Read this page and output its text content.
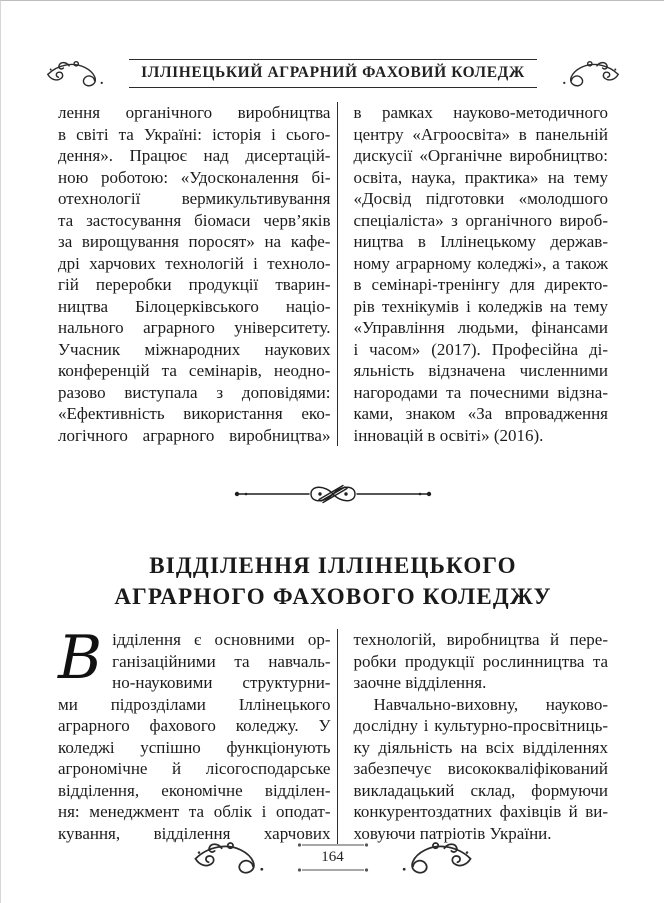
ІЛЛІНЕЦЬКИЙ АГРАРНИЙ ФАХОВИЙ КОЛЕДЖ
лення органічного виробництва
в світі та Україні: історія і сього-
дення». Працює над дисертацій-
ною роботою: «Удосконалення бі-
отехнології вермикультивування
та застосування біомаси черв’яків
за вирощування поросят» на кафе-
дрі харчових технологій і техноло-
гій переробки продукції тварин-
ництва Білоцерківського націо-
нального аграрного університету.
Учасник міжнародних наукових
конференцій та семінарів, неодно-
разово виступала з доповідями:
«Ефективність використання еко-
логічного аграрного виробництва»
в рамках науково-методичного
центру «Агроосвіта» в панельній
дискусії «Органічне виробництво:
освіта, наука, практика» на тему
«Досвід підготовки «молодшого
спеціаліста» з органічного вироб-
ництва в Іллінецькому держав-
ному аграрному коледжі», а також
в семінарі-тренінгу для директо-
рів технікумів і коледжів на тему
«Управління людьми, фінансами
і часом» (2017). Професійна ді-
яльність відзначена численними
нагородами та почесними відзна-
ками, знаком «За впровадження
інновацій в освіті» (2016).
ВІДДІЛЕННЯ ІЛЛІНЕЦЬКОГО
АГРАРНОГО ФАХОВОГО КОЛЕДЖУ
В ідділення є основними ор-
ганізаційними та навчаль-
но-науковими структурни-
ми підрозділами Іллінецького
аграрного фахового коледжу. У
коледжі успішно функціонують
агрономічне й лісогосподарське
відділення, економічне відділен-
ня: менеджмент та облік і оподат-
кування, відділення харчових
технологій, виробництва й пере-
робки продукції рослинництва та
заочне відділення.
Навчально-виховну, науково-
дослідну і культурно-просвітниць-
ку діяльність на всіх відділеннях
забезпечує висококваліфікований
викладацький склад, формуючи
конкурентоздатних фахівців й ви-
ховуючи патріотів України.
164
